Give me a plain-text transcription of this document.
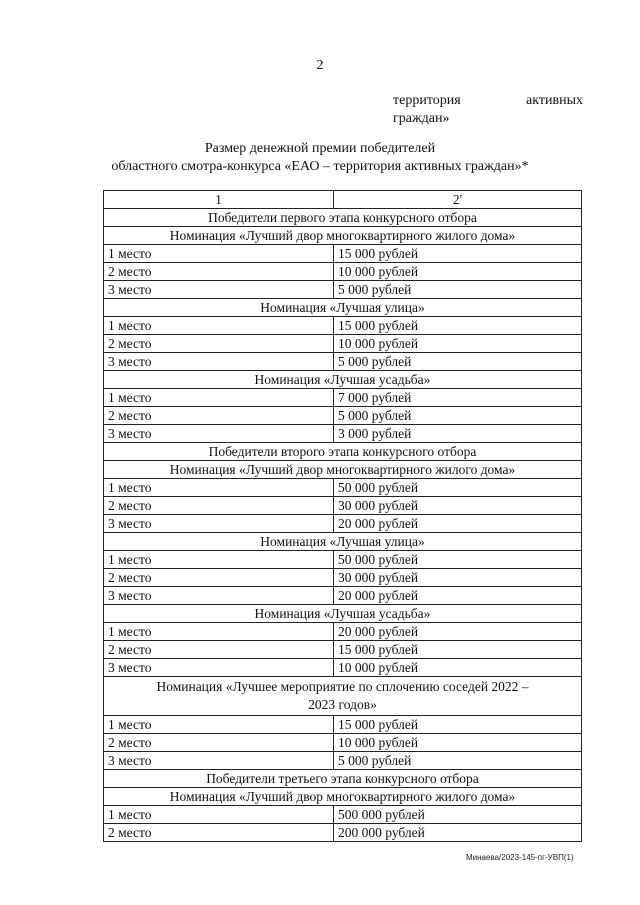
2
территория	активных
граждан»
Размер денежной премии победителей
областного смотра-конкурса «ЕАО – территория активных граждан»*
1	2'
Победители первого этапа конкурсного отбора	
Номинация «Лучший двор многоквартирного жилого дома»	
1 место	15 000 рублей
2 место	10 000 рублей
3 место	5 000 рублей
Номинация «Лучшая улица»	
1 место	15 000 рублей
2 место	10 000 рублей
3 место	5 000 рублей
Номинация «Лучшая усадьба»	
1 место	7 000 рублей
2 место	5 000 рублей
3 место	3 000 рублей
Победители второго этапа конкурсного отбора	
Номинация «Лучший двор многоквартирного жилого дома»	
1 место	50 000 рублей
2 место	30 000 рублей
3 место	20 000 рублей
Номинация «Лучшая улица»	
1 место	50 000 рублей
2 место	30 000 рублей
3 место	20 000 рублей
Номинация «Лучшая усадьба»	
1 место	20 000 рублей
2 место	15 000 рублей
3 место	10 000 рублей

Номинация «Лучшее мероприятие по сплочению соседей 2022 –
2023 годов»	

1 место	15 000 рублей
2 место	10 000 рублей
3 место	5 000 рублей
Победители третьего этапа конкурсного отбора	
Номинация «Лучший двор многоквартирного жилого дома»	
1 место	500 000 рублей
2 место	200 000 рублей
Минаева/2023-145-пг-УВП(1)
